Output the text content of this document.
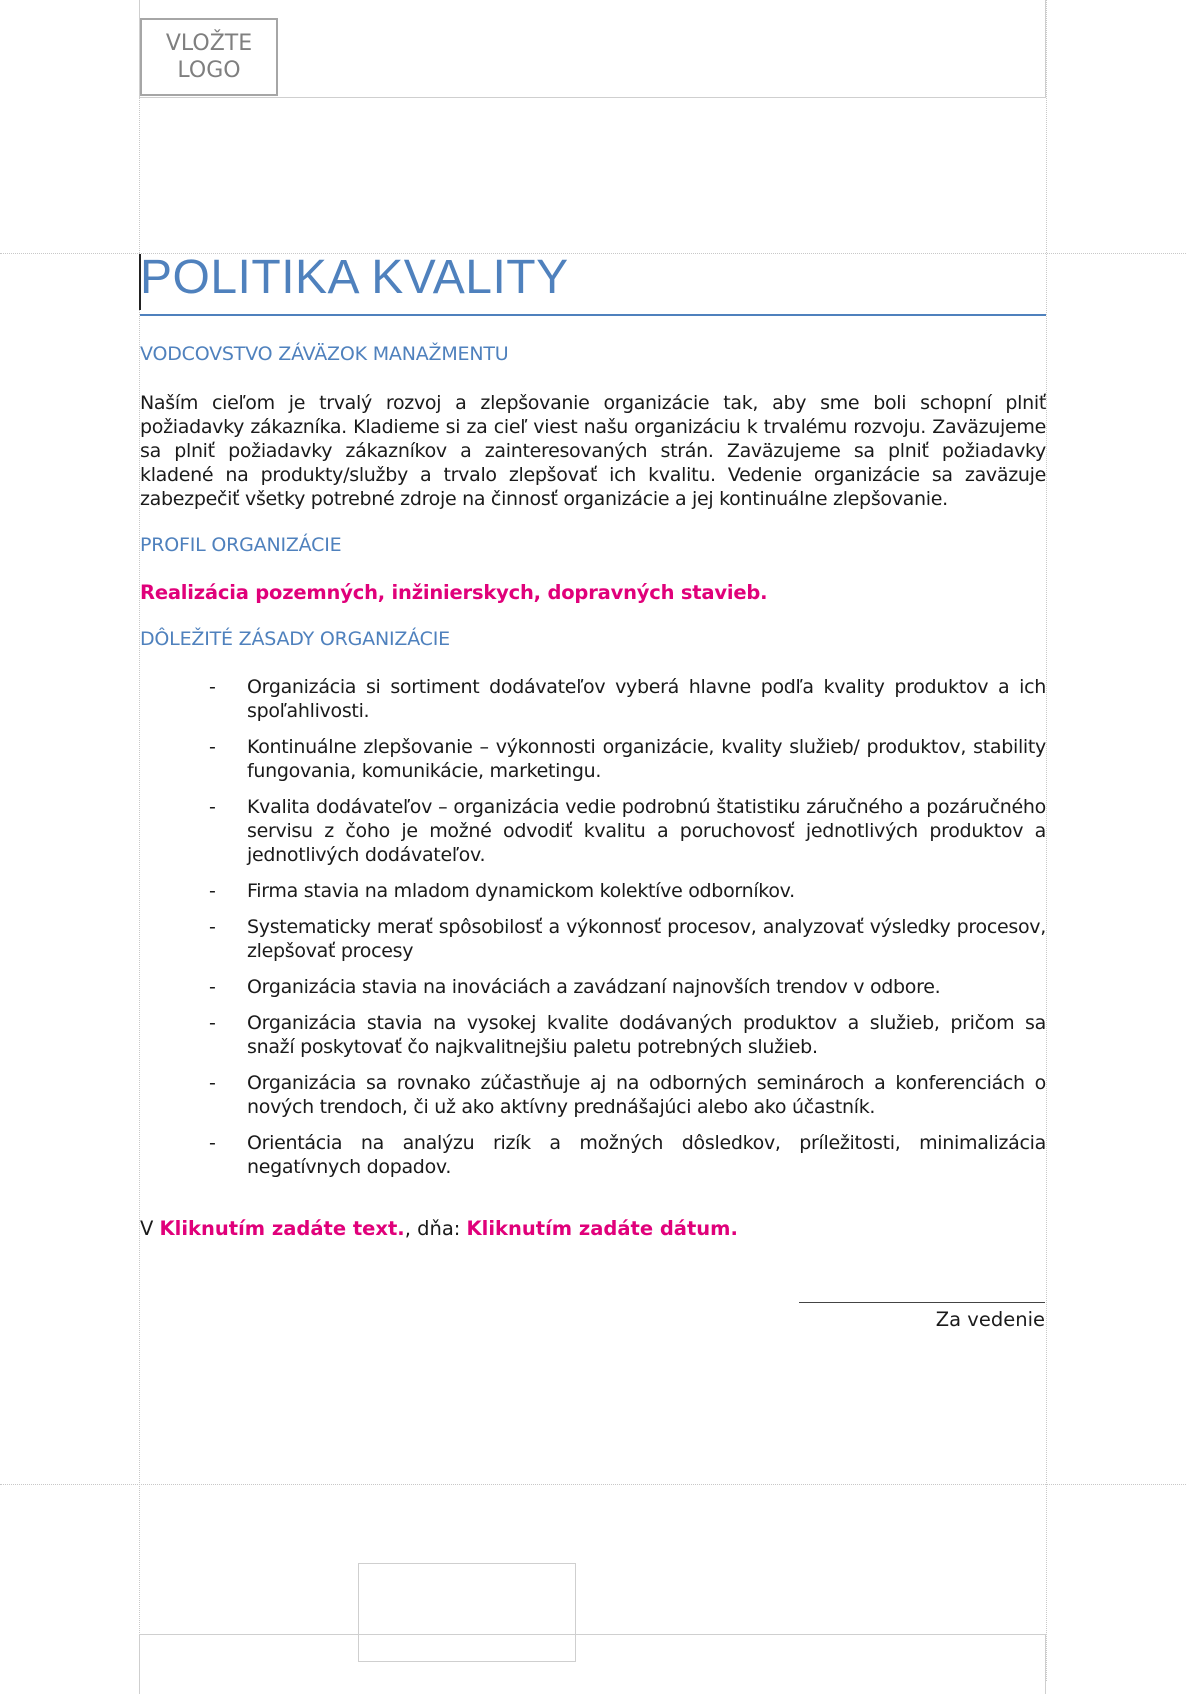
VLOŽTE
LOGO
POLITIKA KVALITY
VODCOVSTVO ZÁVÄZOK MANAŽMENTU

Naším cieľom je trvalý rozvoj a zlepšovanie organizácie tak, aby sme boli schopní plniť požiadavky zákazníka. Kladieme si za cieľ viest našu organizáciu k trvalému rozvoju. Zaväzujeme sa plniť požiadavky zákazníkov a zainteresovaných strán. Zaväzujeme sa plniť požiadavky kladené na produkty/služby a trvalo zlepšovať ich kvalitu. Vedenie organizácie sa zaväzuje zabezpečiť všetky potrebné zdroje na činnosť organizácie a jej kontinuálne zlepšovanie.

PROFIL ORGANIZÁCIE

Realizácia pozemných, inžinierskych, dopravných stavieb.

DÔLEŽITÉ ZÁSADY ORGANIZÁCIE
- Organizácia si sortiment dodávateľov vyberá hlavne podľa kvality produktov a ich spoľahlivosti.
- Kontinuálne zlepšovanie – výkonnosti organizácie, kvality služieb/ produktov, stability fungovania, komunikácie, marketingu.
- Kvalita dodávateľov – organizácia vedie podrobnú štatistiku záručného a pozáručného servisu z čoho je možné odvodiť kvalitu a poruchovosť jednotlivých produktov a jednotlivých dodávateľov.
- Firma stavia na mladom dynamickom kolektíve odborníkov.
- Systematicky merať spôsobilosť a výkonnosť procesov, analyzovať výsledky procesov, zlepšovať procesy
- Organizácia stavia na inováciách a zavádzaní najnovších trendov v odbore.
- Organizácia stavia na vysokej kvalite dodávaných produktov a služieb, pričom sa snaží poskytovať čo najkvalitnejšiu paletu potrebných služieb.
- Organizácia sa rovnako zúčastňuje aj na odborných seminároch a konferenciách o nových trendoch, či už ako aktívny prednášajúci alebo ako účastník.
- Orientácia na analýzu rizík a možných dôsledkov, príležitosti, minimalizácia negatívnych dopadov.

V Kliknutím zadáte text., dňa: Kliknutím zadáte dátum.

Za vedenie
